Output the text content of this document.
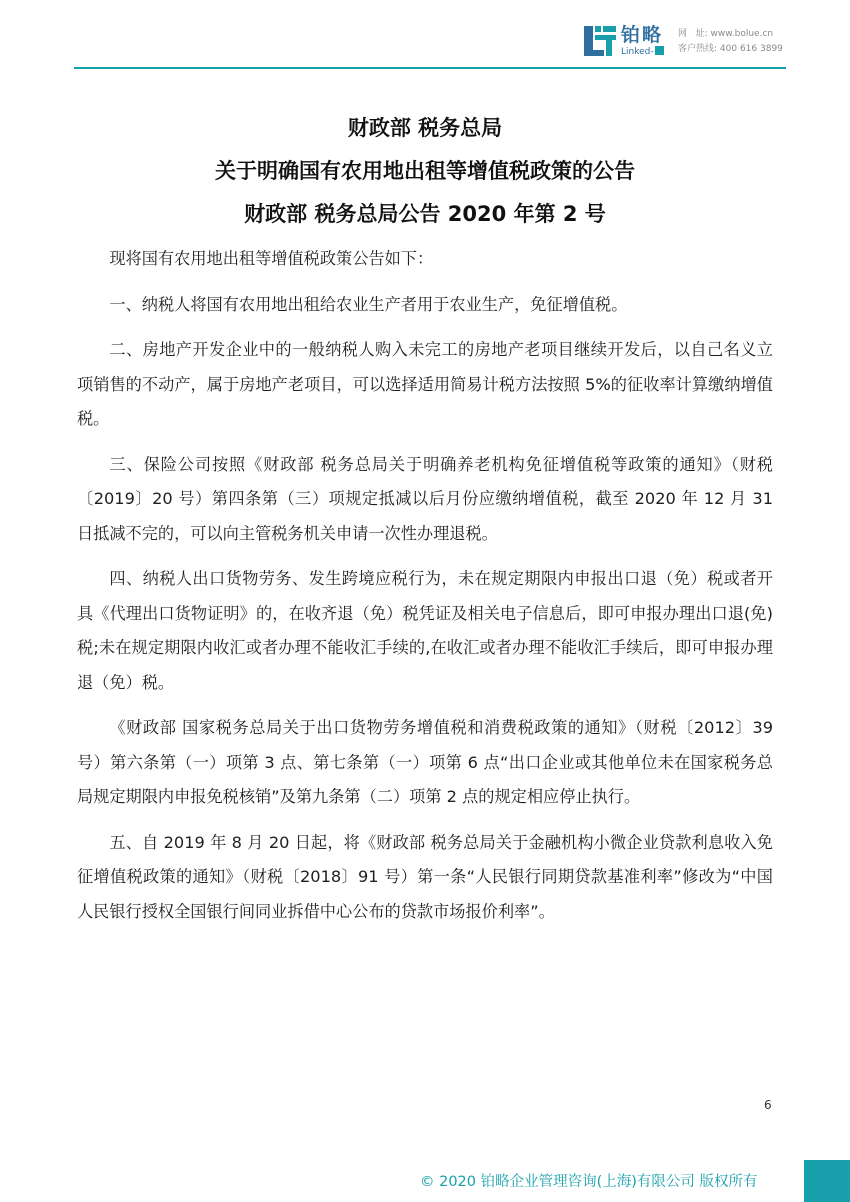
铂略
Linked-
网 址: www.bolue.cn
客户热线: 400 616 3899
财政部 税务总局
关于明确国有农用地出租等增值税政策的公告
财政部 税务总局公告 2020 年第 2 号

现将国有农用地出租等增值税政策公告如下：

一、纳税人将国有农用地出租给农业生产者用于农业生产，免征增值税。

二、房地产开发企业中的一般纳税人购入未完工的房地产老项目继续开发后，以自己名义立项销售的不动产，属于房地产老项目，可以选择适用简易计税方法按照 5%的征收率计算缴纳增值税。

三、保险公司按照《财政部 税务总局关于明确养老机构免征增值税等政策的通知》（财税〔2019〕20 号）第四条第（三）项规定抵减以后月份应缴纳增值税，截至 2020 年 12 月 31 日抵减不完的，可以向主管税务机关申请一次性办理退税。

四、纳税人出口货物劳务、发生跨境应税行为，未在规定期限内申报出口退（免）税或者开具《代理出口货物证明》的，在收齐退（免）税凭证及相关电子信息后，即可申报办理出口退(免)税;未在规定期限内收汇或者办理不能收汇手续的,在收汇或者办理不能收汇手续后，即可申报办理退（免）税。

《财政部 国家税务总局关于出口货物劳务增值税和消费税政策的通知》（财税〔2012〕39 号）第六条第（一）项第 3 点、第七条第（一）项第 6 点“出口企业或其他单位未在国家税务总局规定期限内申报免税核销”及第九条第（二）项第 2 点的规定相应停止执行。

五、自 2019 年 8 月 20 日起，将《财政部 税务总局关于金融机构小微企业贷款利息收入免征增值税政策的通知》（财税〔2018〕91 号）第一条“人民银行同期贷款基准利率”修改为“中国人民银行授权全国银行间同业拆借中心公布的贷款市场报价利率”。

6
© 2020 铂略企业管理咨询(上海)有限公司 版权所有
